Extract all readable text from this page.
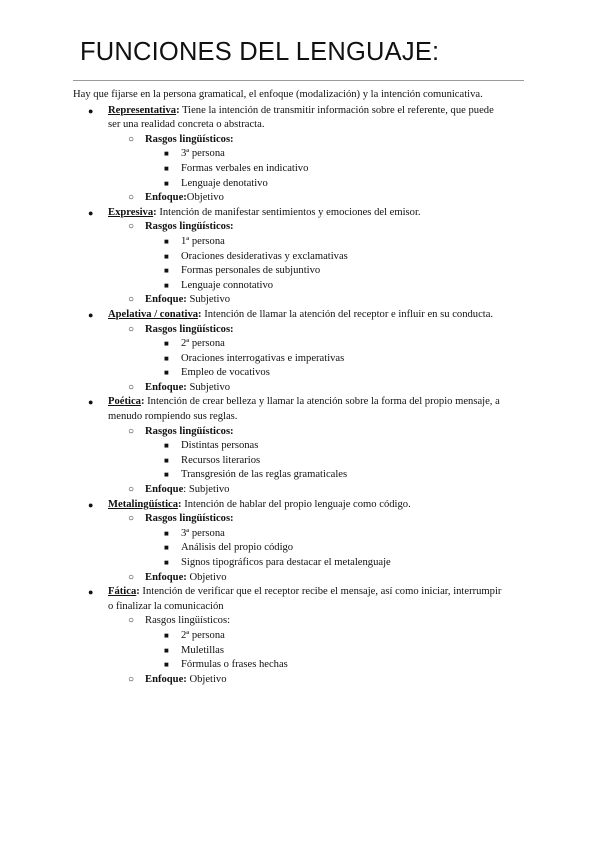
FUNCIONES DEL LENGUAJE:
Hay que fijarse en la persona gramatical, el enfoque (modalización) y la intención comunicativa.
● Representativa: Tiene la intención de transmitir información sobre el referente, que puede
ser una realidad concreta o abstracta.
○ Rasgos lingüísticos:
■ 3ª persona
■ Formas verbales en indicativo
■ Lenguaje denotativo
○ Enfoque:Objetivo
● Expresiva: Intención de manifestar sentimientos y emociones del emisor.
○ Rasgos lingüísticos:
■ 1ª persona
■ Oraciones desiderativas y exclamativas
■ Formas personales de subjuntivo
■ Lenguaje connotativo
○ Enfoque: Subjetivo
● Apelativa / conativa: Intención de llamar la atención del receptor e influir en su conducta.
○ Rasgos lingüísticos:
■ 2ª persona
■ Oraciones interrogativas e imperativas
■ Empleo de vocativos
○ Enfoque: Subjetivo
● Poética: Intención de crear belleza y llamar la atención sobre la forma del propio mensaje, a
menudo rompiendo sus reglas.
○ Rasgos lingüísticos:
■ Distintas personas
■ Recursos literarios
■ Transgresión de las reglas gramaticales
○ Enfoque: Subjetivo
● Metalingüística: Intención de hablar del propio lenguaje como código.
○ Rasgos lingüísticos:
■ 3ª persona
■ Análisis del propio código
■ Signos tipográficos para destacar el metalenguaje
○ Enfoque: Objetivo
● Fática: Intención de verificar que el receptor recibe el mensaje, así como iniciar, interrumpir
o finalizar la comunicación
○ Rasgos lingüísticos:
■ 2ª persona
■ Muletillas
■ Fórmulas o frases hechas
○ Enfoque: Objetivo
